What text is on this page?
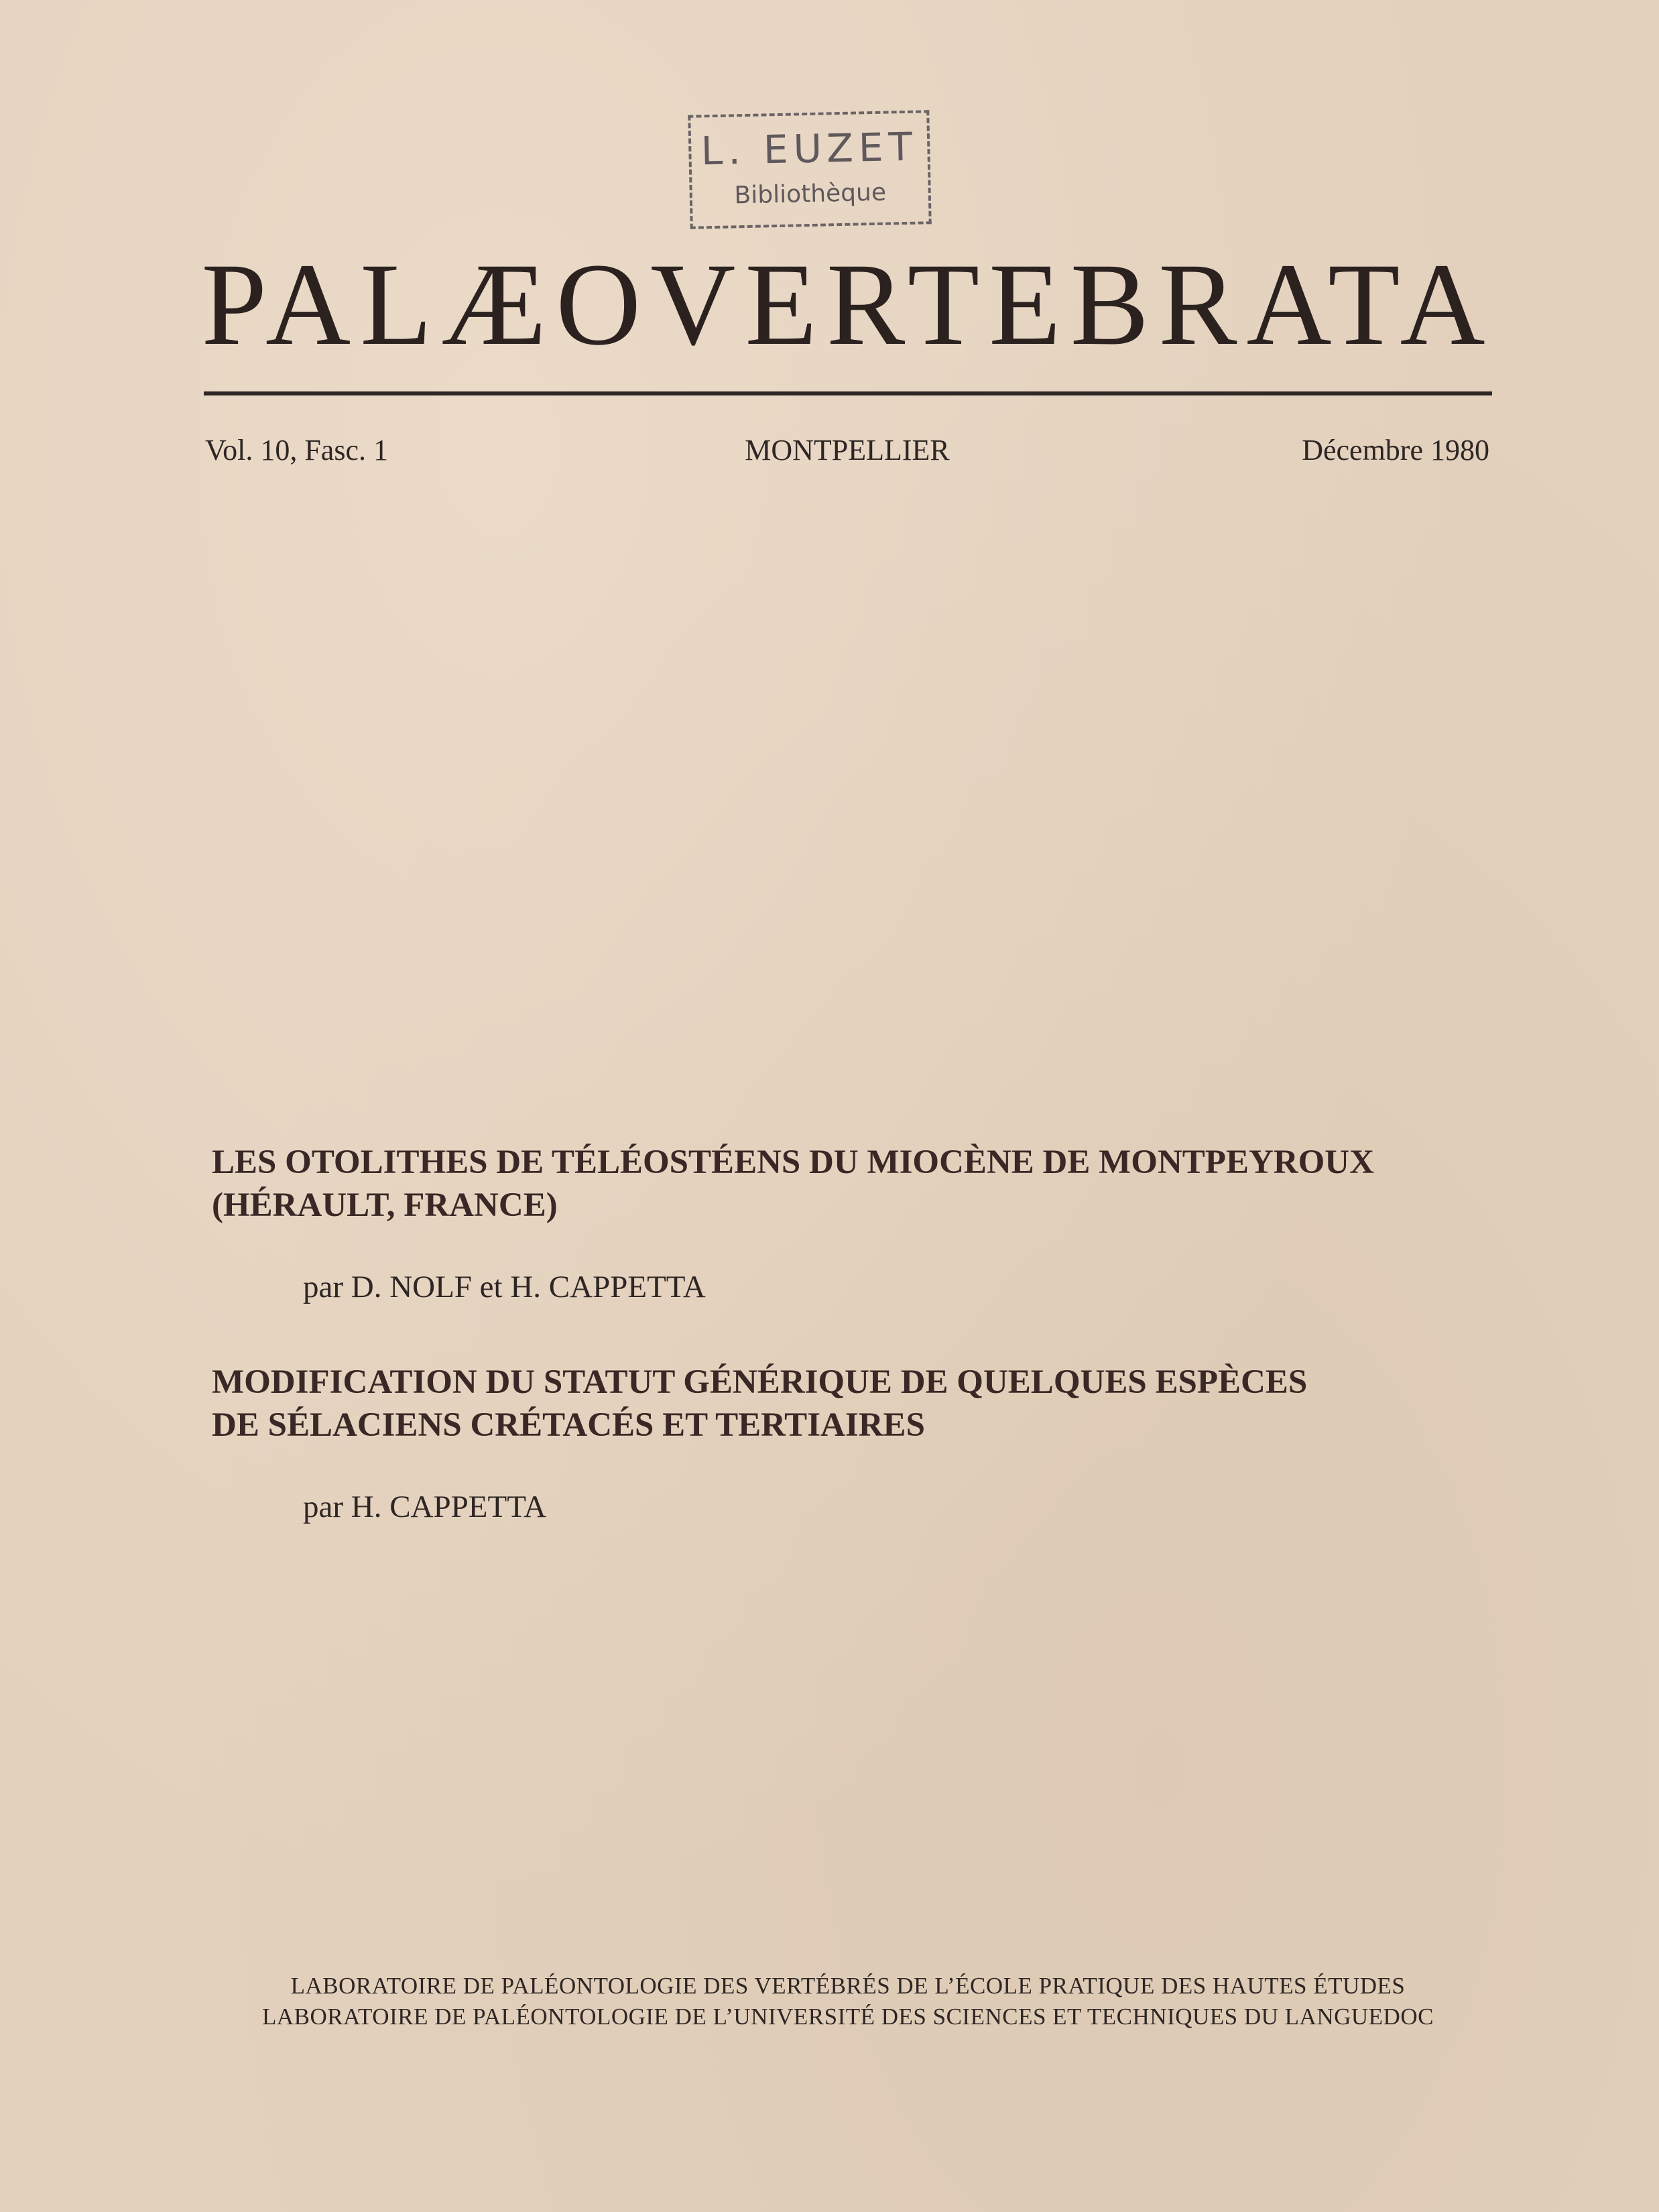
L. EUZET
Bibliothèque
PALÆOVERTEBRATA
Vol. 10, Fasc. 1	MONTPELLIER	Décembre 1980
LES OTOLITHES DE TÉLÉOSTÉENS DU MIOCÈNE DE MONTPEYROUX
(HÉRAULT, FRANCE)
par D. NOLF et H. CAPPETTA
MODIFICATION DU STATUT GÉNÉRIQUE DE QUELQUES ESPÈCES
DE SÉLACIENS CRÉTACÉS ET TERTIAIRES
par H. CAPPETTA
LABORATOIRE DE PALÉONTOLOGIE DES VERTÉBRÉS DE L’ÉCOLE PRATIQUE DES HAUTES ÉTUDES
LABORATOIRE DE PALÉONTOLOGIE DE L’UNIVERSITÉ DES SCIENCES ET TECHNIQUES DU LANGUEDOC
